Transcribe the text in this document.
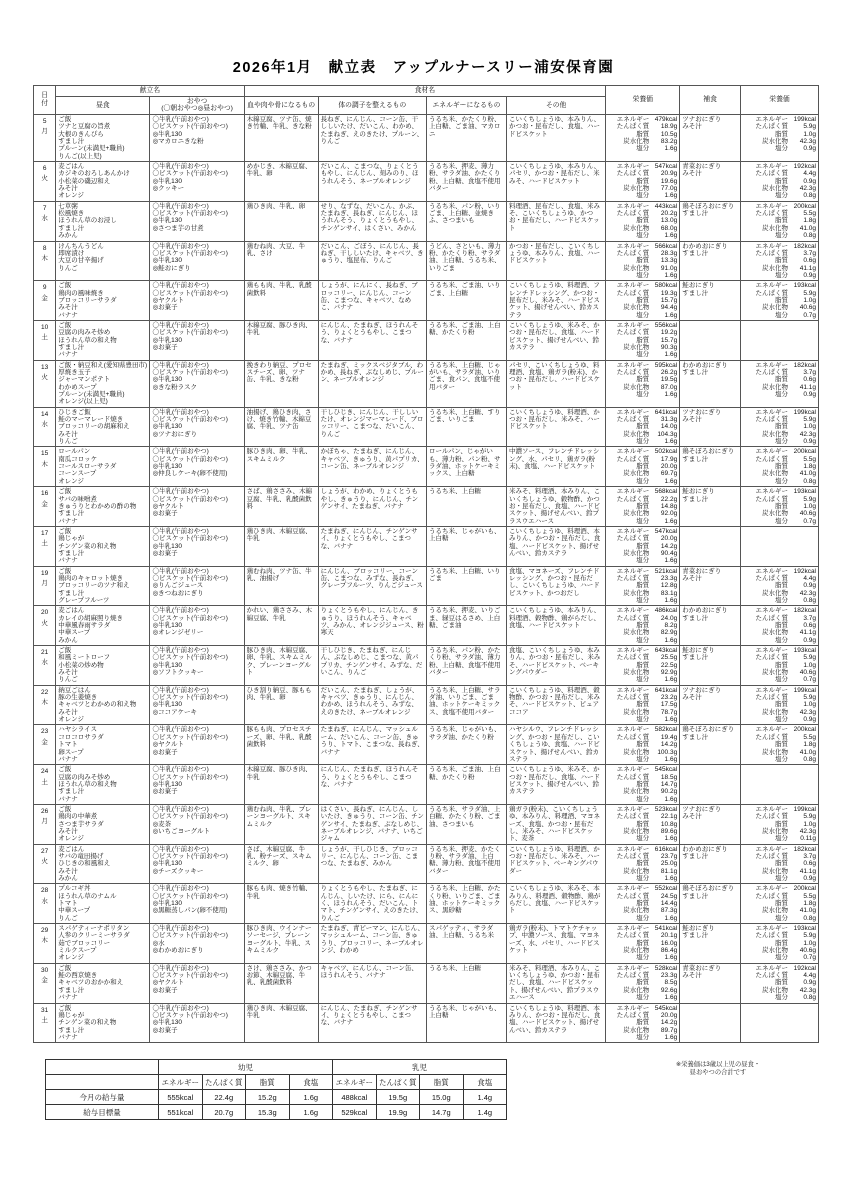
2026年1月　献立表　アップルナースリー浦安保育園
日
付	献立名		食材名				栄養価	補食	栄養価
	昼食	おやつ
(〇朝おやつ◎昼おやつ)	血や肉や骨になるもの	体の調子を整えるもの	エネルギーになるもの	その他			

5
月

ご飯
ツナと豆腐の旨煮
大根のきんぴら
すまし汁
プルーン(未満児+職員)
りんご(以上児)

〇牛乳(午前おやつ)
〇ビスケット(午前おやつ)
◎牛乳130
◎マカロニきな粉
	木綿豆腐、ツナ缶、焼き竹輪、牛乳、きな粉	長ねぎ、にんじん、コーン缶、干ししいたけ、だいこん、わかめ、たまねぎ、えのきたけ、プルーン、りんご	うるち米、かたくり粉、上白糖、ごま油、マカロニ	こいくちしょうゆ、本みりん、かつお・昆布だし、食塩、ハードビスケット	
エネルギー 479kcal
たんぱく質	18.9g
脂質	10.5g
炭水化物	83.2g
塩分	1.6g

ツナおにぎり
みそ汁

エネルギー 199kcal
たんぱく質	5.9g
脂質	1.0g
炭水化物	42.3g
塩分	0.9g

6
火

麦ごはん
カジキのおろしあんかけ
小松菜の磯辺和え
みそ汁
オレンジ

〇牛乳(午前おやつ)
〇ビスケット(午前おやつ)
◎牛乳130
◎クッキー
	めかじき、木綿豆腐、牛乳、卵	だいこん、こまつな、りょくとうもやし、にんじん、刻みのり、ほうれんそう、ネーブルオレンジ	うるち米、押麦、薄力粉、サラダ油、かたくり粉、上白糖、食塩不使用バター	こいくちしょうゆ、本みりん、パセリ、かつお・昆布だし、米みそ、ハードビスケット	
エネルギー 547kcal
たんぱく質	20.9g
脂質	19.6g
炭水化物	77.0g
塩分	1.6g

青菜おにぎり
みそ汁

エネルギー 192kcal
たんぱく質	4.4g
脂質	0.9g
炭水化物	42.3g
塩分	0.8g

7
水

七草粥
松風焼き
ほうれん草のお浸し
すまし汁
みかん

〇牛乳(午前おやつ)
〇ビスケット(午前おやつ)
◎牛乳130
◎さつま芋の甘煮
	鶏ひき肉、牛乳、卵	せり、なずな、だいこん、かぶ、たまねぎ、長ねぎ、にんじん、ほうれんそう、りょくとうもやし、チンゲンサイ、はくさい、みかん	うるち米、パン粉、いりごま、上白糖、並焼きふ、さつまいも	料理酒、昆布だし、食塩、米みそ、こいくちしょうゆ、かつお・昆布だし、ハードビスケット	
エネルギー 443kcal
たんぱく質	20.2g
脂質	13.0g
炭水化物	68.0g
塩分	1.6g

鶏そぼろおにぎり
すまし汁

エネルギー 200kcal
たんぱく質	5.5g
脂質	1.8g
炭水化物	41.0g
塩分	0.8g

8
木

けんちんうどん
即席漬け
大豆の甘辛揚げ
りんご

〇牛乳(午前おやつ)
〇ビスケット(午前おやつ)
◎牛乳130
◎鮭おにぎり
	鶏むね肉、大豆、牛乳、さけ	だいこん、ごぼう、にんじん、長ねぎ、干ししいたけ、キャベツ、きゅうり、塩昆布、りんご	うどん、さといも、薄力粉、かたくり粉、サラダ油、上白糖、うるち米、いりごま	かつお・昆布だし、こいくちしょうゆ、本みりん、食塩、ハードビスケット	
エネルギー 566kcal
たんぱく質	28.3g
脂質	13.3g
炭水化物	91.0g
塩分	1.6g

わかめおにぎり
すまし汁

エネルギー 182kcal
たんぱく質	3.7g
脂質	0.6g
炭水化物	41.1g
塩分	0.9g

9
金

ご飯
鶏肉の風味焼き
ブロッコリーサラダ
みそ汁
バナナ

〇牛乳(午前おやつ)
〇ビスケット(午前おやつ)
◎ヤクルト
◎お菓子
	鶏もも肉、牛乳、乳酸菌飲料	しょうが、にんにく、長ねぎ、ブロッコリー、にんじん、コーン缶、こまつな、キャベツ、なめこ、バナナ	うるち米、ごま油、いりごま、上白糖	こいくちしょうゆ、料理酒、フレンチドレッシング、かつお・昆布だし、米みそ、ハードビスケット、揚げせんべい、鈴カステラ	
エネルギー 580kcal
たんぱく質	19.3g
脂質	15.7g
炭水化物	94.4g
塩分	1.6g

鮭おにぎり
すまし汁

エネルギー 193kcal
たんぱく質	5.9g
脂質	1.0g
炭水化物	40.6g
塩分	0.7g

10
土

ご飯
豆腐の肉みそ炒め
ほうれん草の和え物
すまし汁
バナナ

〇牛乳(午前おやつ)
〇ビスケット(午前おやつ)
◎牛乳130
◎お菓子
	木綿豆腐、豚ひき肉、牛乳	にんじん、たまねぎ、ほうれんそう、りょくとうもやし、こまつな、バナナ	うるち米、ごま油、上白糖、かたくり粉	こいくちしょうゆ、米みそ、かつお・昆布だし、食塩、ハードビスケット、揚げせんべい、鈴カステラ	
エネルギー 556kcal
たんぱく質	19.2g
脂質	15.7g
炭水化物	90.3g
塩分	1.6g

13
火

ご飯・納豆和え(愛知県豊田市)
厚焼き玉子
ジャーマンポテト
わかめスープ
プルーン(未満児+職員)
オレンジ(以上児)

〇牛乳(午前おやつ)
〇ビスケット(午前おやつ)
◎牛乳130
◎きな粉ラスク
	挽きわり納豆、プロセスチーズ、卵、ツナ缶、牛乳、きな粉	たまねぎ、ミックスベジタブル、わかめ、長ねぎ、ぶなしめじ、プルーン、ネーブルオレンジ	うるち米、上白糖、じゃがいも、サラダ油、いりごま、食パン、食塩不使用バター	パセリ、こいくちしょうゆ、料理酒、食塩、鶏ガラ(粉末)、かつお・昆布だし、ハードビスケット	
エネルギー 595kcal
たんぱく質	26.2g
脂質	19.5g
炭水化物	87.0g
塩分	1.6g

わかめおにぎり
すまし汁

エネルギー 182kcal
たんぱく質	3.7g
脂質	0.6g
炭水化物	41.1g
塩分	0.9g

14
水

ひじきご飯
鮭のマーマレード焼き
ブロッコリーの胡麻和え
みそ汁
りんご

〇牛乳(午前おやつ)
〇ビスケット(午前おやつ)
◎牛乳130
◎ツナおにぎり
	油揚げ、鶏ひき肉、さけ、焼き竹輪、木綿豆腐、牛乳、ツナ缶	干しひじき、にんじん、干ししいたけ、オレンジマーマレード、ブロッコリー、こまつな、だいこん、りんご	うるち米、上白糖、すりごま、いりごま	こいくちしょうゆ、料理酒、かつお・昆布だし、米みそ、ハードビスケット	
エネルギー 641kcal
たんぱく質	31.3g
脂質	14.0g
炭水化物	104.3g
塩分	1.6g

ツナおにぎり
みそ汁

エネルギー 199kcal
たんぱく質	5.9g
脂質	1.0g
炭水化物	42.3g
塩分	0.9g

15
木

ロールパン
南瓜コロッケ
コールスローサラダ
コーンスープ
オレンジ

〇牛乳(午前おやつ)
〇ビスケット(午前おやつ)
◎牛乳130
◎仲良しケーキ(卵不使用)
	豚ひき肉、卵、牛乳、スキムミルク	かぼちゃ、たまねぎ、にんじん、キャベツ、きゅうり、黄パプリカ、コーン缶、ネーブルオレンジ	ロールパン、じゃがいも、薄力粉、パン粉、サラダ油、ホットケーキミックス、上白糖	中濃ソース、フレンチドレッシング、水、パセリ、鶏ガラ(粉末)、食塩、ハードビスケット	
エネルギー 502kcal
たんぱく質	17.9g
脂質	20.0g
炭水化物	69.7g
塩分	1.6g

鶏そぼろおにぎり
すまし汁

エネルギー 200kcal
たんぱく質	5.5g
脂質	1.8g
炭水化物	41.0g
塩分	0.8g

16
金

ご飯
サバの味噌煮
きゅうりとわかめの酢の物
すまし汁
バナナ

〇牛乳(午前おやつ)
〇ビスケット(午前おやつ)
◎ヤクルト
◎お菓子
	さば、鶏ささみ、木綿豆腐、牛乳、乳酸菌飲料	しょうが、わかめ、りょくとうもやし、きゅうり、にんじん、チンゲンサイ、たまねぎ、バナナ	うるち米、上白糖	米みそ、料理酒、本みりん、こいくちしょうゆ、穀物酢、かつお・昆布だし、食塩、ハードビスケット、揚げせんべい、鈴プラスウエハース	
エネルギー 568kcal
たんぱく質	22.2g
脂質	14.8g
炭水化物	92.0g
塩分	1.6g

鮭おにぎり
すまし汁

エネルギー 193kcal
たんぱく質	5.9g
脂質	1.0g
炭水化物	40.6g
塩分	0.7g

17
土

ご飯
鶏じゃが
チンゲン菜の和え物
すまし汁
バナナ

〇牛乳(午前おやつ)
〇ビスケット(午前おやつ)
◎牛乳130
◎お菓子
	鶏ひき肉、木綿豆腐、牛乳	たまねぎ、にんじん、チンゲンサイ、りょくとうもやし、こまつな、バナナ	うるち米、じゃがいも、上白糖	こいくちしょうゆ、料理酒、本みりん、かつお・昆布だし、食塩、ハードビスケット、揚げせんべい、鈴カステラ	
エネルギー 547kcal
たんぱく質	20.0g
脂質	14.2g
炭水化物	90.4g
塩分	1.6g

19
月

ご飯
鶏肉のキャロット焼き
ブロッコリーのツナ和え
すまし汁
グレープフルーツ

〇牛乳(午前おやつ)
〇ビスケット(午前おやつ)
◎りんごジュース
◎きつねおにぎり
	鶏むね肉、ツナ缶、牛乳、油揚げ	にんじん、ブロッコリー、コーン缶、こまつな、みずな、長ねぎ、グレープフルーツ、りんごジュース	うるち米、上白糖、いりごま	食塩、マヨネーズ、フレンチドレッシング、かつお・昆布だし、こいくちしょうゆ、ハードビスケット、かつおだし	
エネルギー 521kcal
たんぱく質	23.3g
脂質	12.8g
炭水化物	83.1g
塩分	1.6g

青菜おにぎり
みそ汁

エネルギー 192kcal
たんぱく質	4.4g
脂質	0.9g
炭水化物	42.3g
塩分	0.8g

20
火

麦ごはん
カレイの胡麻照り焼き
中華風春雨サラダ
中華スープ
みかん

〇牛乳(午前おやつ)
〇ビスケット(午前おやつ)
◎牛乳130
◎オレンジゼリー
	かれい、鶏ささみ、木綿豆腐、牛乳	りょくとうもやし、にんじん、きゅうり、ほうれんそう、キャベツ、みかん、オレンジジュース、粉寒天	うるち米、押麦、いりごま、緑豆はるさめ、上白糖、ごま油	こいくちしょうゆ、本みりん、料理酒、穀物酢、鶏がらだし、食塩、ハードビスケット	
エネルギー 486kcal
たんぱく質	24.0g
脂質	8.2g
炭水化物	82.9g
塩分	1.6g

わかめおにぎり
すまし汁

エネルギー 182kcal
たんぱく質	3.7g
脂質	0.6g
炭水化物	41.1g
塩分	0.9g

21
水

ご飯
和風ミートローフ
小松菜の炒め物
みそ汁
りんご

〇牛乳(午前おやつ)
〇ビスケット(午前おやつ)
◎牛乳130
◎ソフトクッキー
	豚ひき肉、木綿豆腐、卵、牛乳、スキムミルク、プレーンヨーグルト	干しひじき、たまねぎ、にんじん、ぶなしめじ、こまつな、黄パプリカ、チンゲンサイ、みずな、だいこん、りんご	うるち米、パン粉、かたくり粉、サラダ油、薄力粉、上白糖、食塩不使用バター	食塩、こいくちしょうゆ、本みりん、かつお・昆布だし、米みそ、ハードビスケット、ベーキングパウダー	
エネルギー 643kcal
たんぱく質	25.5g
脂質	22.5g
炭水化物	92.9g
塩分	1.6g

鮭おにぎり
すまし汁

エネルギー 193kcal
たんぱく質	5.9g
脂質	1.0g
炭水化物	40.6g
塩分	0.7g

22
木

納豆ごはん
豚の生姜焼き
キャベツとわかめの和え物
みそ汁
オレンジ

〇牛乳(午前おやつ)
〇ビスケット(午前おやつ)
◎牛乳130
◎ココアケーキ
	ひき割り納豆、豚もも肉、牛乳、卵	だいこん、たまねぎ、しょうが、キャベツ、きゅうり、にんじん、わかめ、ほうれんそう、みずな、えのきたけ、ネーブルオレンジ	うるち米、上白糖、サラダ油、いりごま、ごま油、ホットケーキミックス、食塩不使用バター	こいくちしょうゆ、料理酒、穀物酢、かつお・昆布だし、米みそ、ハードビスケット、ピュアココア	
エネルギー 641kcal
たんぱく質	23.2g
脂質	17.5g
炭水化物	78.7g
塩分	1.6g

ツナおにぎり
みそ汁

エネルギー 199kcal
たんぱく質	5.9g
脂質	1.0g
炭水化物	42.3g
塩分	0.9g

23
金

ハヤシライス
コロコロサラダ
トマト
卵スープ
バナナ

〇牛乳(午前おやつ)
〇ビスケット(午前おやつ)
◎ヤクルト
◎お菓子
	豚もも肉、プロセスチーズ、卵、牛乳、乳酸菌飲料	たまねぎ、にんじん、マッシュルーム、だいこん、コーン缶、きゅうり、トマト、こまつな、長ねぎ、バナナ	うるち米、じゃがいも、サラダ油、かたくり粉	ハヤシルウ、フレンチドレッシング、かつお・昆布だし、こいくちしょうゆ、食塩、ハードビスケット、揚げせんべい、鈴カステラ	
エネルギー 582kcal
たんぱく質	19.4g
脂質	14.2g
炭水化物	100.3g
塩分	1.6g

鶏そぼろおにぎり
すまし汁

エネルギー 200kcal
たんぱく質	5.5g
脂質	1.8g
炭水化物	41.0g
塩分	0.8g

24
土

ご飯
豆腐の肉みそ炒め
ほうれん草の和え物
すまし汁
バナナ

〇牛乳(午前おやつ)
〇ビスケット(午前おやつ)
◎牛乳130
◎お菓子
	木綿豆腐、豚ひき肉、牛乳	にんじん、たまねぎ、ほうれんそう、りょくとうもやし、こまつな、バナナ	うるち米、ごま油、上白糖、かたくり粉	こいくちしょうゆ、米みそ、かつお・昆布だし、食塩、ハードビスケット、揚げせんべい、鈴カステラ	
エネルギー 545kcal
たんぱく質	18.5g
脂質	14.7g
炭水化物	90.2g
塩分	1.6g

26
月

ご飯
鶏肉の中華煮
さつま芋サラダ
みそ汁
オレンジ

〇牛乳(午前おやつ)
〇ビスケット(午前おやつ)
◎麦茶
◎いちごヨーグルト
	鶏むね肉、牛乳、プレーンヨーグルト、スキムミルク	はくさい、長ねぎ、にんじん、しいたけ、きゅうり、コーン缶、チンゲンサイ、たまねぎ、ぶなしめじ、ネーブルオレンジ、バナナ、いちごジャム	うるち米、サラダ油、上白糖、かたくり粉、ごま油、さつまいも	鶏ガラ(粉末)、こいくちしょうゆ、本みりん、料理酒、マヨネーズ、食塩、かつお・昆布だし、米みそ、ハードビスケット、麦茶	
エネルギー 523kcal
たんぱく質	22.1g
脂質	10.8g
炭水化物	89.6g
塩分	1.6g

ツナおにぎり
みそ汁

エネルギー 199kcal
たんぱく質	5.9g
脂質	1.0g
炭水化物	42.3g
塩分	0.11g

27
火

麦ごはん
サバの竜田揚げ
ひじきの和風和え
みそ汁
みかん

〇牛乳(午前おやつ)
〇ビスケット(午前おやつ)
◎牛乳130
◎チーズクッキー
	さば、木綿豆腐、牛乳、粉チーズ、スキムミルク、卵	しょうが、干しひじき、ブロッコリー、にんじん、コーン缶、こまつな、たまねぎ、みかん	うるち米、押麦、かたくり粉、サラダ油、上白糖、薄力粉、食塩不使用バター	こいくちしょうゆ、料理酒、かつお・昆布だし、米みそ、ハードビスケット、ベーキングパウダー	
エネルギー 616kcal
たんぱく質	23.7g
脂質	25.0g
炭水化物	81.1g
塩分	1.6g

わかめおにぎり
すまし汁

エネルギー 182kcal
たんぱく質	3.7g
脂質	0.6g
炭水化物	41.1g
塩分	0.9g

28
水

プルコギ丼
ほうれん草のナムル
トマト
中華スープ
りんご

〇牛乳(午前おやつ)
〇ビスケット(午前おやつ)
◎牛乳130
◎黒糖蒸しパン(卵不使用)
	豚もも肉、焼き竹輪、牛乳	りょくとうもやし、たまねぎ、にんじん、しいたけ、にら、にんにく、ほうれんそう、だいこん、トマト、チンゲンサイ、えのきたけ、りんご	うるち米、上白糖、かたくり粉、いりごま、ごま油、ホットケーキミックス、黒砂糖	こいくちしょうゆ、米みそ、本みりん、料理酒、穀物酢、鶏がらだし、食塩、ハードビスケット	
エネルギー 552kcal
たんぱく質	24.5g
脂質	14.4g
炭水化物	87.3g
塩分	1.6g

鶏そぼろおにぎり
すまし汁

エネルギー 200kcal
たんぱく質	5.5g
脂質	1.8g
炭水化物	41.0g
塩分	0.8g

29
木

スパゲティーナポリタン
人参のクリーミーサラダ
茹でブロッコリー
ミルクスープ
オレンジ

〇牛乳(午前おやつ)
〇ビスケット(午前おやつ)
◎水
◎わかめおにぎり
	豚ひき肉、ウインナーソーセージ、プレーンヨーグルト、牛乳、スキムミルク	たまねぎ、青ピーマン、にんじん、マッシュルーム、コーン缶、きゅうり、ブロッコリー、ネーブルオレンジ、わかめ	スパゲッティ、サラダ油、上白糖、うるち米	鶏ガラ(粉末)、トマトケチャップ、中濃ソース、食塩、マヨネーズ、水、パセリ、ハードビスケット	
エネルギー 541kcal
たんぱく質	20.1g
脂質	16.0g
炭水化物	86.4g
塩分	1.6g

鮭おにぎり
すまし汁

エネルギー 193kcal
たんぱく質	5.9g
脂質	1.0g
炭水化物	40.6g
塩分	0.7g

30
金

ご飯
鮭の西京焼き
キャベツのおかか和え
すまし汁
バナナ

〇牛乳(午前おやつ)
〇ビスケット(午前おやつ)
◎ヤクルト
◎お菓子
	さけ、鶏ささみ、かつお節、木綿豆腐、牛乳、乳酸菌飲料	キャベツ、にんじん、コーン缶、ほうれんそう、バナナ	うるち米、上白糖	米みそ、料理酒、本みりん、こいくちしょうゆ、かつお・昆布だし、食塩、ハードビスケット、揚げせんべい、鈴プラスウエハース	
エネルギー 528kcal
たんぱく質	23.3g
脂質	8.5g
炭水化物	92.6g
塩分	1.6g

青菜おにぎり
みそ汁

エネルギー 192kcal
たんぱく質	4.4g
脂質	0.9g
炭水化物	42.3g
塩分	0.8g

31
土

ご飯
鶏じゃが
チンゲン菜の和え物
すまし汁
バナナ

〇牛乳(午前おやつ)
〇ビスケット(午前おやつ)
◎牛乳130
◎お菓子
	鶏ひき肉、木綿豆腐、牛乳	にんじん、たまねぎ、チンゲンサイ、りょくとうもやし、こまつな、バナナ	うるち米、じゃがいも、上白糖	こいくちしょうゆ、料理酒、本みりん、かつお・昆布だし、食塩、ハードビスケット、揚げせんべい、鈴カステラ	
エネルギー 545kcal
たんぱく質	20.0g
脂質	14.2g
炭水化物	89.7g
塩分	1.6g

	幼児				乳児			
	エネルギー	たんぱく質	脂質	食塩	エネルギー	たんぱく質	脂質	食塩
今月の給与量	555kcal	22.4g	15.2g	1.6g	488kcal	19.5g	15.0g	1.4g
給与目標量	551kcal	20.7g	15.3g	1.6g	529kcal	19.9g	14.7g	1.4g
※栄養価は3歳以上児の昼食・
昼おやつの合計です
